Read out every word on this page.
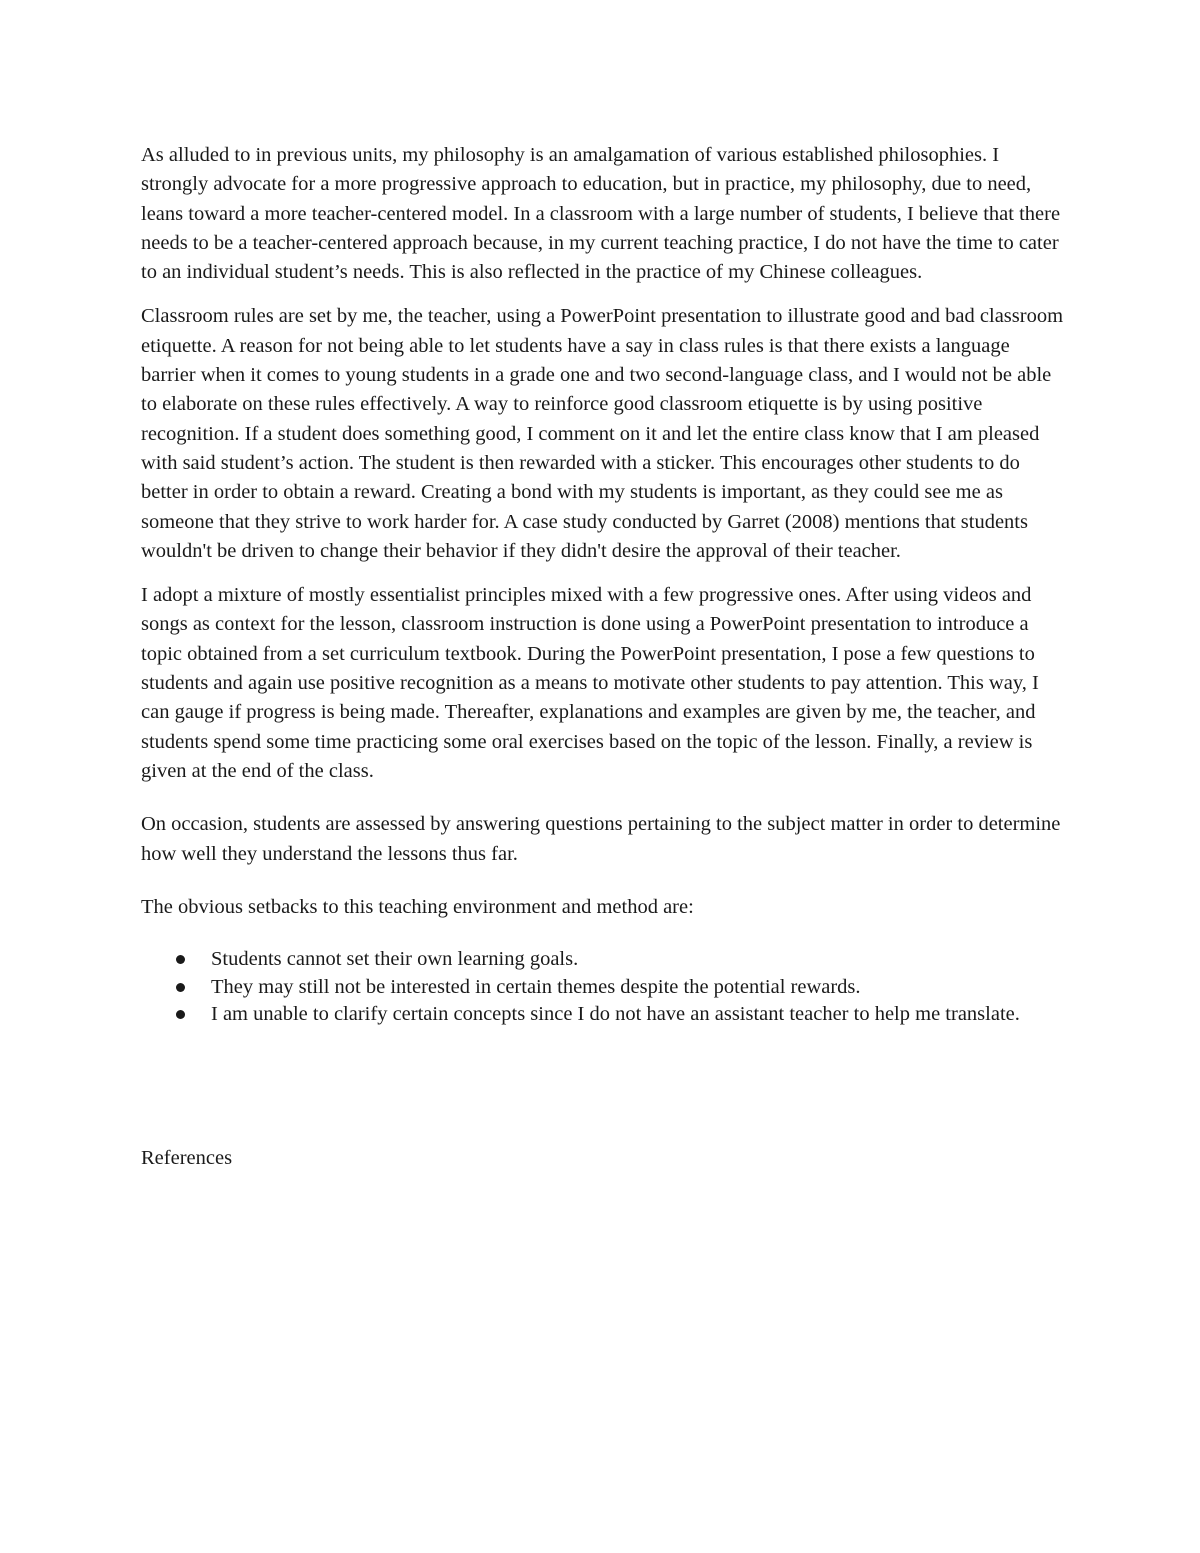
As alluded to in previous units, my philosophy is an amalgamation of various established philosophies. I strongly advocate for a more progressive approach to education, but in practice, my philosophy, due to need, leans toward a more teacher-centered model. In a classroom with a large number of students, I believe that there needs to be a teacher-centered approach because, in my current teaching practice, I do not have the time to cater to an individual student’s needs. This is also reflected in the practice of my Chinese colleagues.

Classroom rules are set by me, the teacher, using a PowerPoint presentation to illustrate good and bad classroom etiquette. A reason for not being able to let students have a say in class rules is that there exists a language barrier when it comes to young students in a grade one and two second-language class, and I would not be able to elaborate on these rules effectively. A way to reinforce good classroom etiquette is by using positive recognition. If a student does something good, I comment on it and let the entire class know that I am pleased with said student’s action. The student is then rewarded with a sticker. This encourages other students to do better in order to obtain a reward. Creating a bond with my students is important, as they could see me as someone that they strive to work harder for. A case study conducted by Garret (2008) mentions that students wouldn't be driven to change their behavior if they didn't desire the approval of their teacher.

I adopt a mixture of mostly essentialist principles mixed with a few progressive ones. After using videos and songs as context for the lesson, classroom instruction is done using a PowerPoint presentation to introduce a topic obtained from a set curriculum textbook. During the PowerPoint presentation, I pose a few questions to students and again use positive recognition as a means to motivate other students to pay attention. This way, I can gauge if progress is being made. Thereafter, explanations and examples are given by me, the teacher, and students spend some time practicing some oral exercises based on the topic of the lesson. Finally, a review is given at the end of the class.

On occasion, students are assessed by answering questions pertaining to the subject matter in order to determine how well they understand the lessons thus far.

The obvious setbacks to this teaching environment and method are:

Students cannot set their own learning goals.
They may still not be interested in certain themes despite the potential rewards.
I am unable to clarify certain concepts since I do not have an assistant teacher to help me translate.

References
